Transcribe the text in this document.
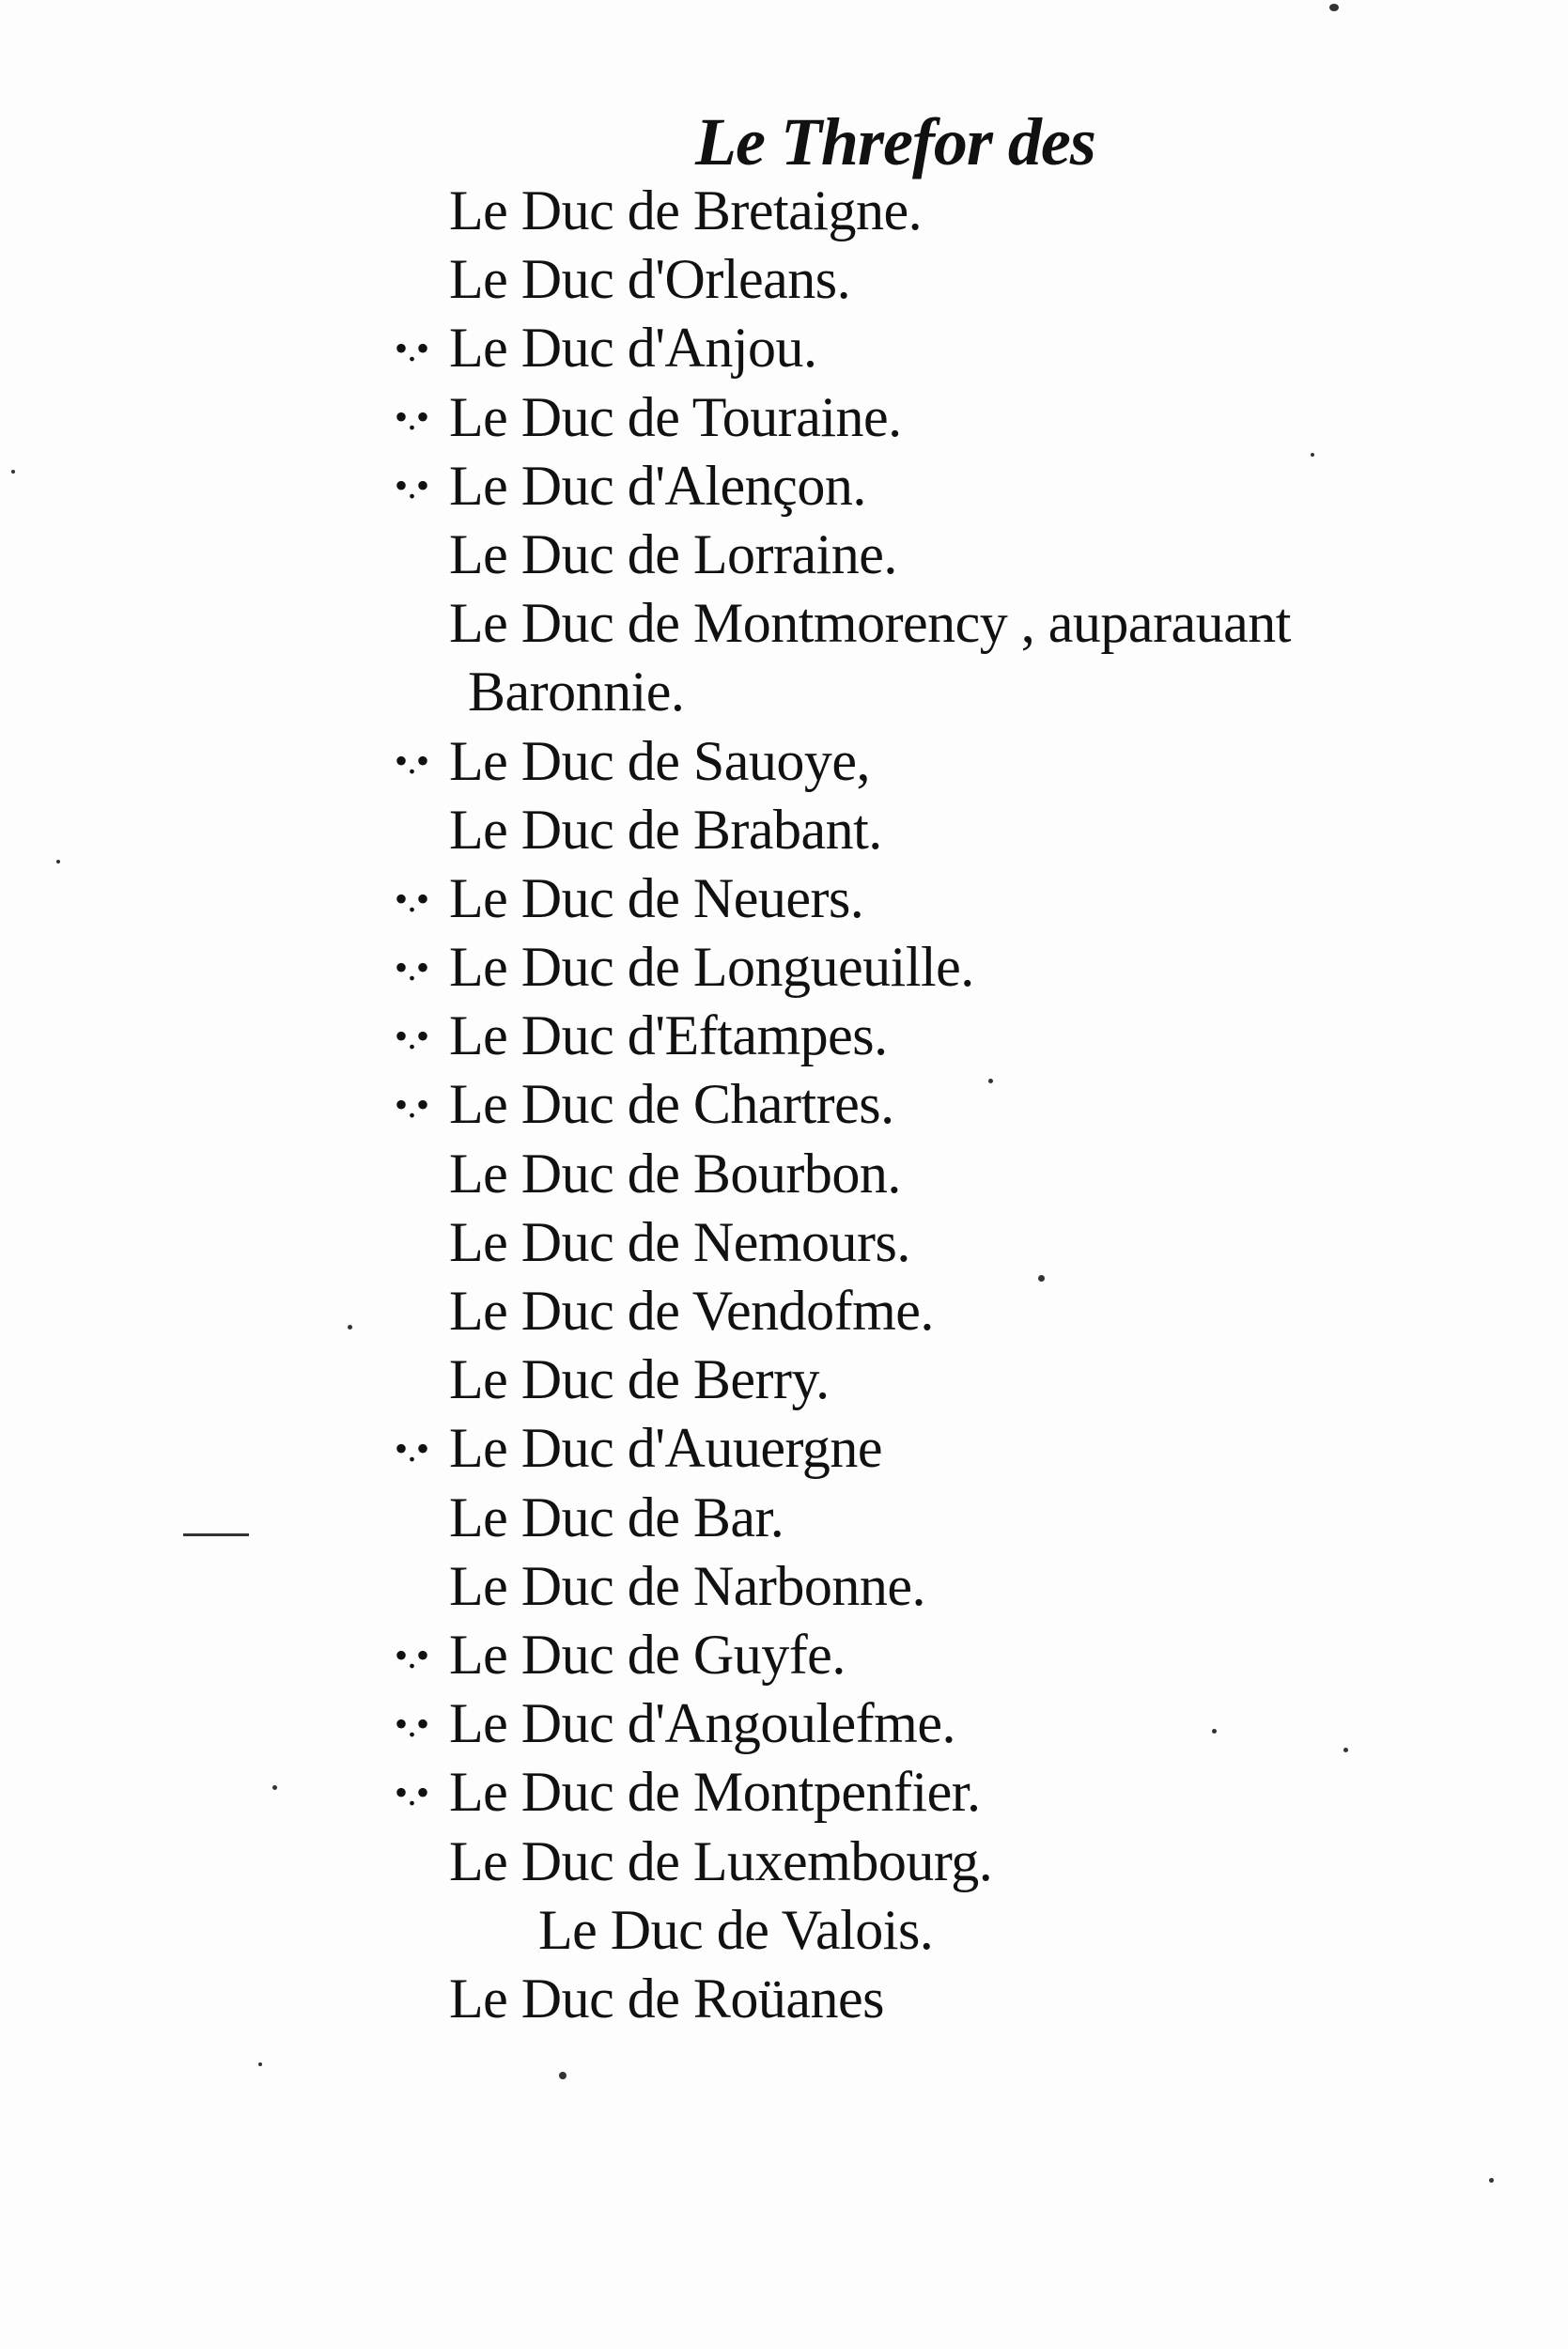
Le Threfor des
Le Duc de Bretaigne.
Le Duc d'Orleans.
•.• Le Duc d'Anjou.
•.• Le Duc de Touraine.
•.• Le Duc d'Alençon.
Le Duc de Lorraine.
Le Duc de Montmorency , auparauant
Baronnie.
•.• Le Duc de Sauoye,
Le Duc de Brabant.
•.• Le Duc de Neuers.
•.• Le Duc de Longueuille.
•.• Le Duc d'Eftampes.
•.• Le Duc de Chartres.
Le Duc de Bourbon.
Le Duc de Nemours.
Le Duc de Vendofme.
Le Duc de Berry.
•.• Le Duc d'Auuergne
Le Duc de Bar.
Le Duc de Narbonne.
•.• Le Duc de Guyfe.
•.• Le Duc d'Angoulefme.
•.• Le Duc de Montpenfier.
Le Duc de Luxembourg.
Le Duc de Valois.
Le Duc de Roüanes
